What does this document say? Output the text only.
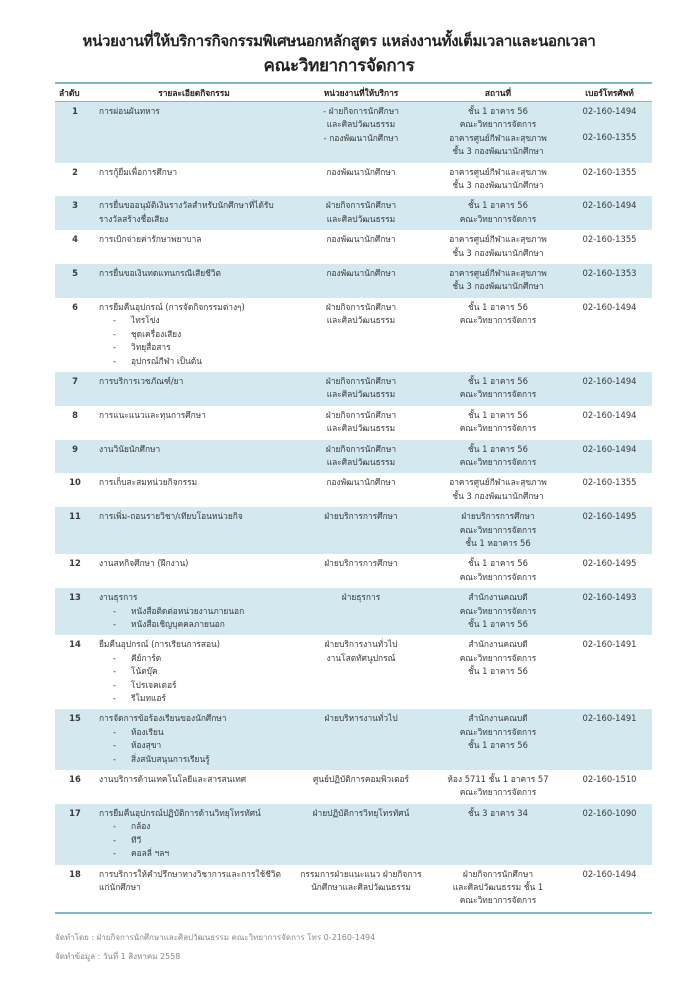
หน่วยงานที่ให้บริการกิจกรรมพิเศษนอกหลักสูตร แหล่งงานทั้งเต็มเวลาและนอกเวลา
คณะวิทยาการจัดการ
ลำดับ	รายละเอียดกิจกรรม	หน่วยงานที่ให้บริการ	สถานที่	เบอร์โทรศัพท์
1	การผ่อนผันทหาร	- ฝ่ายกิจการนักศึกษา
และศิลปวัฒนธรรม
- กองพัฒนานักศึกษา	ชั้น 1 อาคาร 56
คณะวิทยาการจัดการ
อาคารศูนย์กีฬาและสุขภาพ
ชั้น 3 กองพัฒนานักศึกษา	02-160-1494
02-160-1355

2	การกู้ยืมเพื่อการศึกษา	กองพัฒนานักศึกษา	อาคารศูนย์กีฬาและสุขภาพ
ชั้น 3 กองพัฒนานักศึกษา	02-160-1355

3	การยื่นขออนุมัติเงินรางวัลสำหรับนักศึกษาที่ได้รับรางวัลสร้างชื่อเสียง	ฝ่ายกิจการนักศึกษา
และศิลปวัฒนธรรม	ชั้น 1 อาคาร 56
คณะวิทยาการจัดการ	02-160-1494

4	การเบิกจ่ายค่ารักษาพยาบาล	กองพัฒนานักศึกษา	อาคารศูนย์กีฬาและสุขภาพ
ชั้น 3 กองพัฒนานักศึกษา	02-160-1355

5	การยื่นขอเงินทดแทนกรณีเสียชีวิต	กองพัฒนานักศึกษา	อาคารศูนย์กีฬาและสุขภาพ
ชั้น 3 กองพัฒนานักศึกษา	02-160-1353

6	การยืมคืนอุปกรณ์ (การจัดกิจกรรมต่างๆ)
- ไทรโข่ง
- ชุดเครื่องเสียง
- วิทยุสื่อสาร
- อุปกรณ์กีฬา เป็นต้น	ฝ่ายกิจการนักศึกษา
และศิลปวัฒนธรรม	ชั้น 1 อาคาร 56
คณะวิทยาการจัดการ	02-160-1494

7	การบริการเวชภัณฑ์/ยา	ฝ่ายกิจการนักศึกษา
และศิลปวัฒนธรรม	ชั้น 1 อาคาร 56
คณะวิทยาการจัดการ	02-160-1494

8	การแนะแนวและทุนการศึกษา	ฝ่ายกิจการนักศึกษา
และศิลปวัฒนธรรม	ชั้น 1 อาคาร 56
คณะวิทยาการจัดการ	02-160-1494

9	งานวินัยนักศึกษา	ฝ่ายกิจการนักศึกษา
และศิลปวัฒนธรรม	ชั้น 1 อาคาร 56
คณะวิทยาการจัดการ	02-160-1494

10	การเก็บสะสมหน่วยกิจกรรม	กองพัฒนานักศึกษา	อาคารศูนย์กีฬาและสุขภาพ
ชั้น 3 กองพัฒนานักศึกษา	02-160-1355

11	การเพิ่ม-ถอนรายวิชา/เทียบโอนหน่วยกิจ	ฝ่ายบริการการศึกษา	ฝ่ายบริการการศึกษา
คณะวิทยาการจัดการ
ชั้น 1 หอาคาร 56	02-160-1495

12	งานสหกิจศึกษา (ฝึกงาน)	ฝ่ายบริการการศึกษา	ชั้น 1 อาคาร 56
คณะวิทยาการจัดการ	02-160-1495

13	งานธุรการ
- หนังสือติดต่อหน่วยงานภายนอก
- หนังสือเชิญบุคคลภายนอก	ฝ่ายธุรการ	สำนักงานคณบดี
คณะวิทยาการจัดการ
ชั้น 1 อาคาร 56	02-160-1493

14	ยืมคืนอุปกรณ์ (การเรียนการสอน)
- คีย์การ์ด
- โน้ตบุ๊ค
- โปรเจคเตอร์
- รีโมทแอร์	ฝ่ายบริการงานทั่วไป
งานโสตทัศนูปกรณ์	สำนักงานคณบดี
คณะวิทยาการจัดการ
ชั้น 1 อาคาร 56	02-160-1491

15	การจัดการข้อร้องเรียนของนักศึกษา
- ห้องเรียน
- ห้องสุขา
- สิ่งสนับสนุนการเรียนรู้	ฝ่ายบริหารงานทั่วไป	สำนักงานคณบดี
คณะวิทยาการจัดการ
ชั้น 1 อาคาร 56	02-160-1491

16	งานบริการด้านเทคโนโลยีและสารสนเทศ	ศูนย์ปฏิบัติการคอมพิวเตอร์	ห้อง 5711 ชั้น 1 อาคาร 57
คณะวิทยาการจัดการ	02-160-1510

17	การยืมคืนอุปกรณ์ปฏิบัติการด้านวิทยุโทรทัศน์
- กล้อง
- ทีวี
- คอลลี่ ฯลฯ	ฝ่ายปฏิบัติการวิทยุโทรทัศน์	ชั้น 3 อาคาร 34	02-160-1090

18	การบริการให้คำปรึกษาทางวิชาการและการใช้ชีวิตแก่นักศึกษา	กรรมการฝ่ายแนะแนว ฝ่ายกิจการ
นักศึกษาและศิลปวัฒนธรรม	ฝ่ายกิจการนักศึกษา
และศิลปวัฒนธรรม ชั้น 1
คณะวิทยาการจัดการ	02-160-1494
จัดทำโดย : ฝ่ายกิจการนักศึกษาและศิลปวัฒนธรรม คณะวิทยาการจัดการ โทร 0-2160-1494
จัดทำข้อมูล : วันที่ 1 สิงหาคม 2558
